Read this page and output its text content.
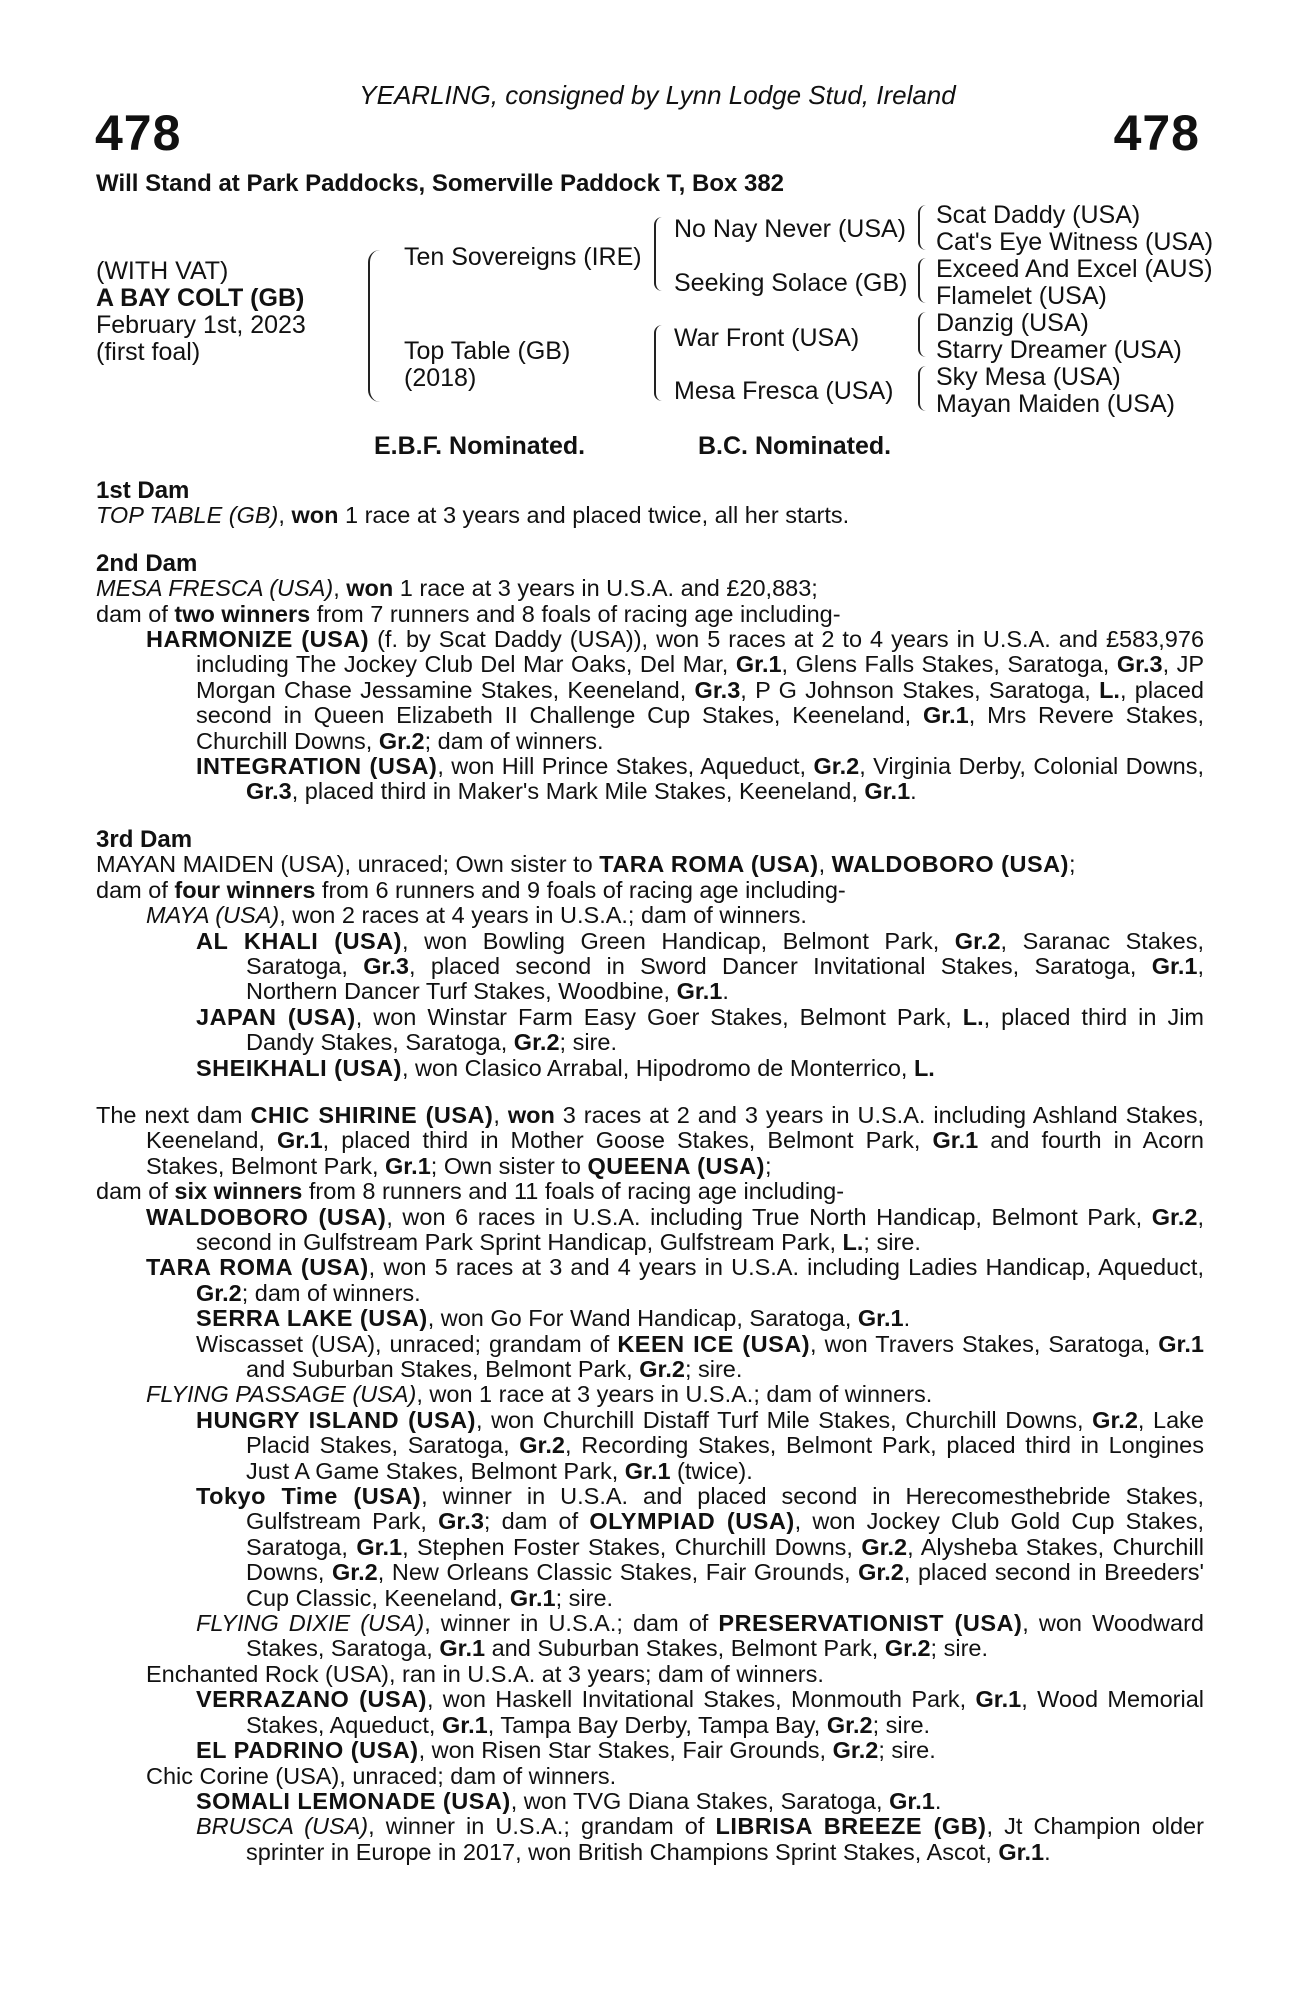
YEARLING, consigned by Lynn Lodge Stud, Ireland
478	478
Will Stand at Park Paddocks, Somerville Paddock T, Box 382
(WITH VAT)
A BAY COLT (GB)
February 1st, 2023
(first foal)
Ten Sovereigns (IRE)
Top Table (GB)
(2018)
No Nay Never (USA)
Seeking Solace (GB)
War Front (USA)
Mesa Fresca (USA)
Scat Daddy (USA)
Cat's Eye Witness (USA)
Exceed And Excel (AUS)
Flamelet (USA)
Danzig (USA)
Starry Dreamer (USA)
Sky Mesa (USA)
Mayan Maiden (USA)
E.B.F. Nominated.	B.C. Nominated.

1st Dam

TOP TABLE (GB), won 1 race at 3 years and placed twice, all her starts.

2nd Dam

MESA FRESCA (USA), won 1 race at 3 years in U.S.A. and £20,883;
dam of two winners from 7 runners and 8 foals of racing age including-

HARMONIZE (USA) (f. by Scat Daddy (USA)), won 5 races at 2 to 4 years in U.S.A. and £583,976 including The Jockey Club Del Mar Oaks, Del Mar, Gr.1, Glens Falls Stakes, Saratoga, Gr.3, JP Morgan Chase Jessamine Stakes, Keeneland, Gr.3, P G Johnson Stakes, Saratoga, L., placed second in Queen Elizabeth II Challenge Cup Stakes, Keeneland, Gr.1, Mrs Revere Stakes, Churchill Downs, Gr.2; dam of winners.

INTEGRATION (USA), won Hill Prince Stakes, Aqueduct, Gr.2, Virginia Derby, Colonial Downs, Gr.3, placed third in Maker's Mark Mile Stakes, Keeneland, Gr.1.

3rd Dam

MAYAN MAIDEN (USA), unraced; Own sister to TARA ROMA (USA), WALDOBORO (USA);
dam of four winners from 6 runners and 9 foals of racing age including-

MAYA (USA), won 2 races at 4 years in U.S.A.; dam of winners.

AL KHALI (USA), won Bowling Green Handicap, Belmont Park, Gr.2, Saranac Stakes, Saratoga, Gr.3, placed second in Sword Dancer Invitational Stakes, Saratoga, Gr.1, Northern Dancer Turf Stakes, Woodbine, Gr.1.

JAPAN (USA), won Winstar Farm Easy Goer Stakes, Belmont Park, L., placed third in Jim Dandy Stakes, Saratoga, Gr.2; sire.

SHEIKHALI (USA), won Clasico Arrabal, Hipodromo de Monterrico, L.

The next dam CHIC SHIRINE (USA), won 3 races at 2 and 3 years in U.S.A. including Ashland Stakes, Keeneland, Gr.1, placed third in Mother Goose Stakes, Belmont Park, Gr.1 and fourth in Acorn Stakes, Belmont Park, Gr.1; Own sister to QUEENA (USA);

dam of six winners from 8 runners and 11 foals of racing age including-

WALDOBORO (USA), won 6 races in U.S.A. including True North Handicap, Belmont Park, Gr.2, second in Gulfstream Park Sprint Handicap, Gulfstream Park, L.; sire.

TARA ROMA (USA), won 5 races at 3 and 4 years in U.S.A. including Ladies Handicap, Aqueduct, Gr.2; dam of winners.

SERRA LAKE (USA), won Go For Wand Handicap, Saratoga, Gr.1.

Wiscasset (USA), unraced; grandam of KEEN ICE (USA), won Travers Stakes, Saratoga, Gr.1 and Suburban Stakes, Belmont Park, Gr.2; sire.

FLYING PASSAGE (USA), won 1 race at 3 years in U.S.A.; dam of winners.

HUNGRY ISLAND (USA), won Churchill Distaff Turf Mile Stakes, Churchill Downs, Gr.2, Lake Placid Stakes, Saratoga, Gr.2, Recording Stakes, Belmont Park, placed third in Longines Just A Game Stakes, Belmont Park, Gr.1 (twice).

Tokyo Time (USA), winner in U.S.A. and placed second in Herecomesthebride Stakes, Gulfstream Park, Gr.3; dam of OLYMPIAD (USA), won Jockey Club Gold Cup Stakes, Saratoga, Gr.1, Stephen Foster Stakes, Churchill Downs, Gr.2, Alysheba Stakes, Churchill Downs, Gr.2, New Orleans Classic Stakes, Fair Grounds, Gr.2, placed second in Breeders' Cup Classic, Keeneland, Gr.1; sire.

FLYING DIXIE (USA), winner in U.S.A.; dam of PRESERVATIONIST (USA), won Woodward Stakes, Saratoga, Gr.1 and Suburban Stakes, Belmont Park, Gr.2; sire.

Enchanted Rock (USA), ran in U.S.A. at 3 years; dam of winners.

VERRAZANO (USA), won Haskell Invitational Stakes, Monmouth Park, Gr.1, Wood Memorial Stakes, Aqueduct, Gr.1, Tampa Bay Derby, Tampa Bay, Gr.2; sire.

EL PADRINO (USA), won Risen Star Stakes, Fair Grounds, Gr.2; sire.

Chic Corine (USA), unraced; dam of winners.

SOMALI LEMONADE (USA), won TVG Diana Stakes, Saratoga, Gr.1.

BRUSCA (USA), winner in U.S.A.; grandam of LIBRISA BREEZE (GB), Jt Champion older sprinter in Europe in 2017, won British Champions Sprint Stakes, Ascot, Gr.1.
